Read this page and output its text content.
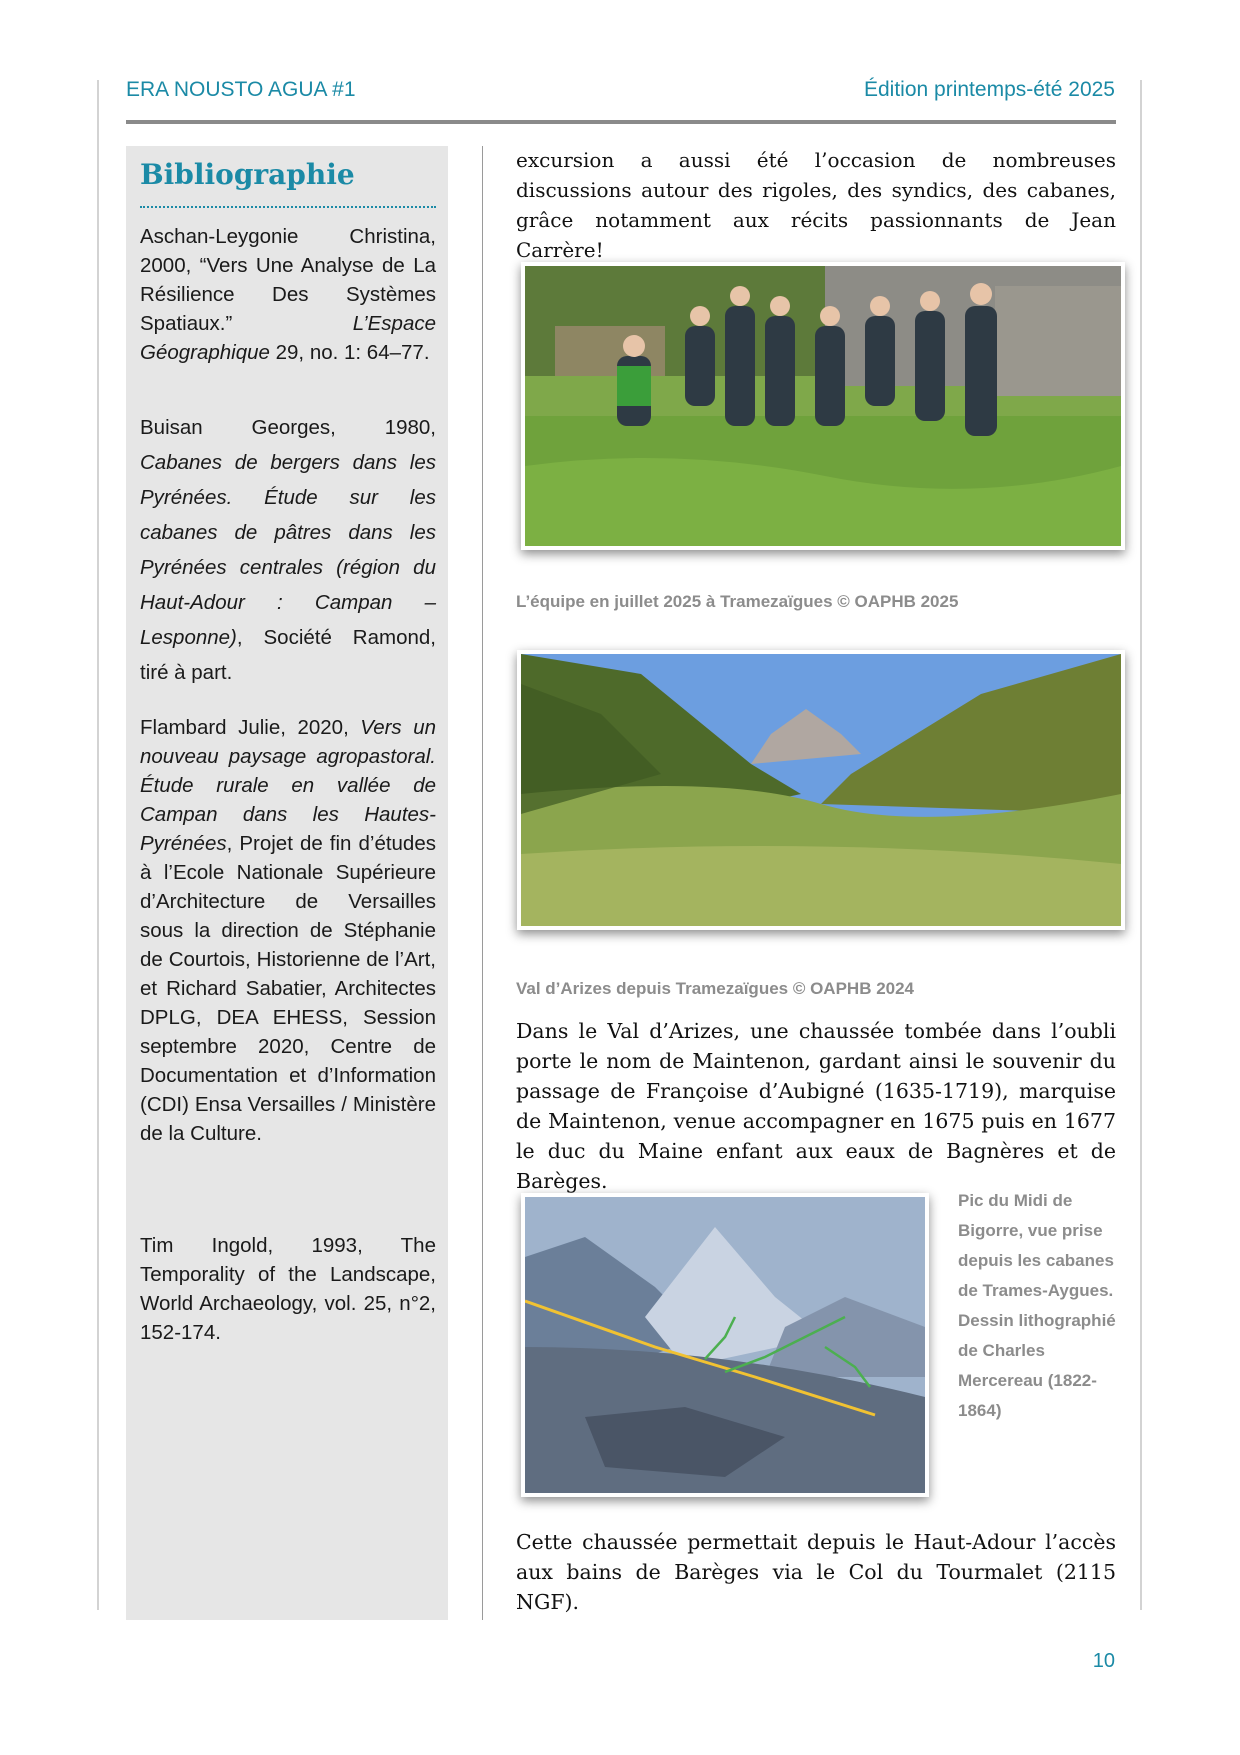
ERA NOUSTO AGUA #1	Édition printemps-été 2025
Bibliographie

Aschan-Leygonie Christina, 2000, “Vers Une Analyse de La Résilience Des Systèmes Spatiaux.” L’Espace Géographique 29, no. 1: 64–77.

Buisan Georges, 1980, Cabanes de bergers dans les Pyrénées. Étude sur les cabanes de pâtres dans les Pyrénées centrales (région du Haut-Adour : Campan – Lesponne), Société Ramond, tiré à part.

Flambard Julie, 2020, Vers un nouveau paysage agropastoral. Étude rurale en vallée de Campan dans les Hautes-Pyrénées, Projet de fin d’études à l’Ecole Nationale Supérieure d’Architecture de Versailles sous la direction de Stéphanie de Courtois, Historienne de l’Art, et Richard Sabatier, Architectes DPLG, DEA EHESS, Session septembre 2020, Centre de Documentation et d’Information (CDI) Ensa Versailles / Ministère de la Culture.

Tim Ingold, 1993, The Temporality of the Landscape, World Archaeology, vol. 25, n°2, 152-174.

excursion a aussi été l’occasion de nombreuses discussions autour des rigoles, des syndics, des cabanes, grâce notamment aux récits passionnants de Jean Carrère!

L’équipe en juillet 2025 à Tramezaïgues © OAPHB 2025

Val d’Arizes depuis Tramezaïgues © OAPHB 2024

Dans le Val d’Arizes, une chaussée tombée dans l’oubli porte le nom de Maintenon, gardant ainsi le souvenir du passage de Françoise d’Aubigné (1635-1719), marquise de Maintenon, venue accompagner en 1675 puis en 1677 le duc du Maine enfant aux eaux de Bagnères et de Barèges.

Pic du Midi de Bigorre, vue prise depuis les cabanes de Trames-Aygues. Dessin lithographié de Charles Mercereau (1822-1864)

Cette chaussée permettait depuis le Haut-Adour l’accès aux bains de Barèges via le Col du Tourmalet (2115 NGF).

10
